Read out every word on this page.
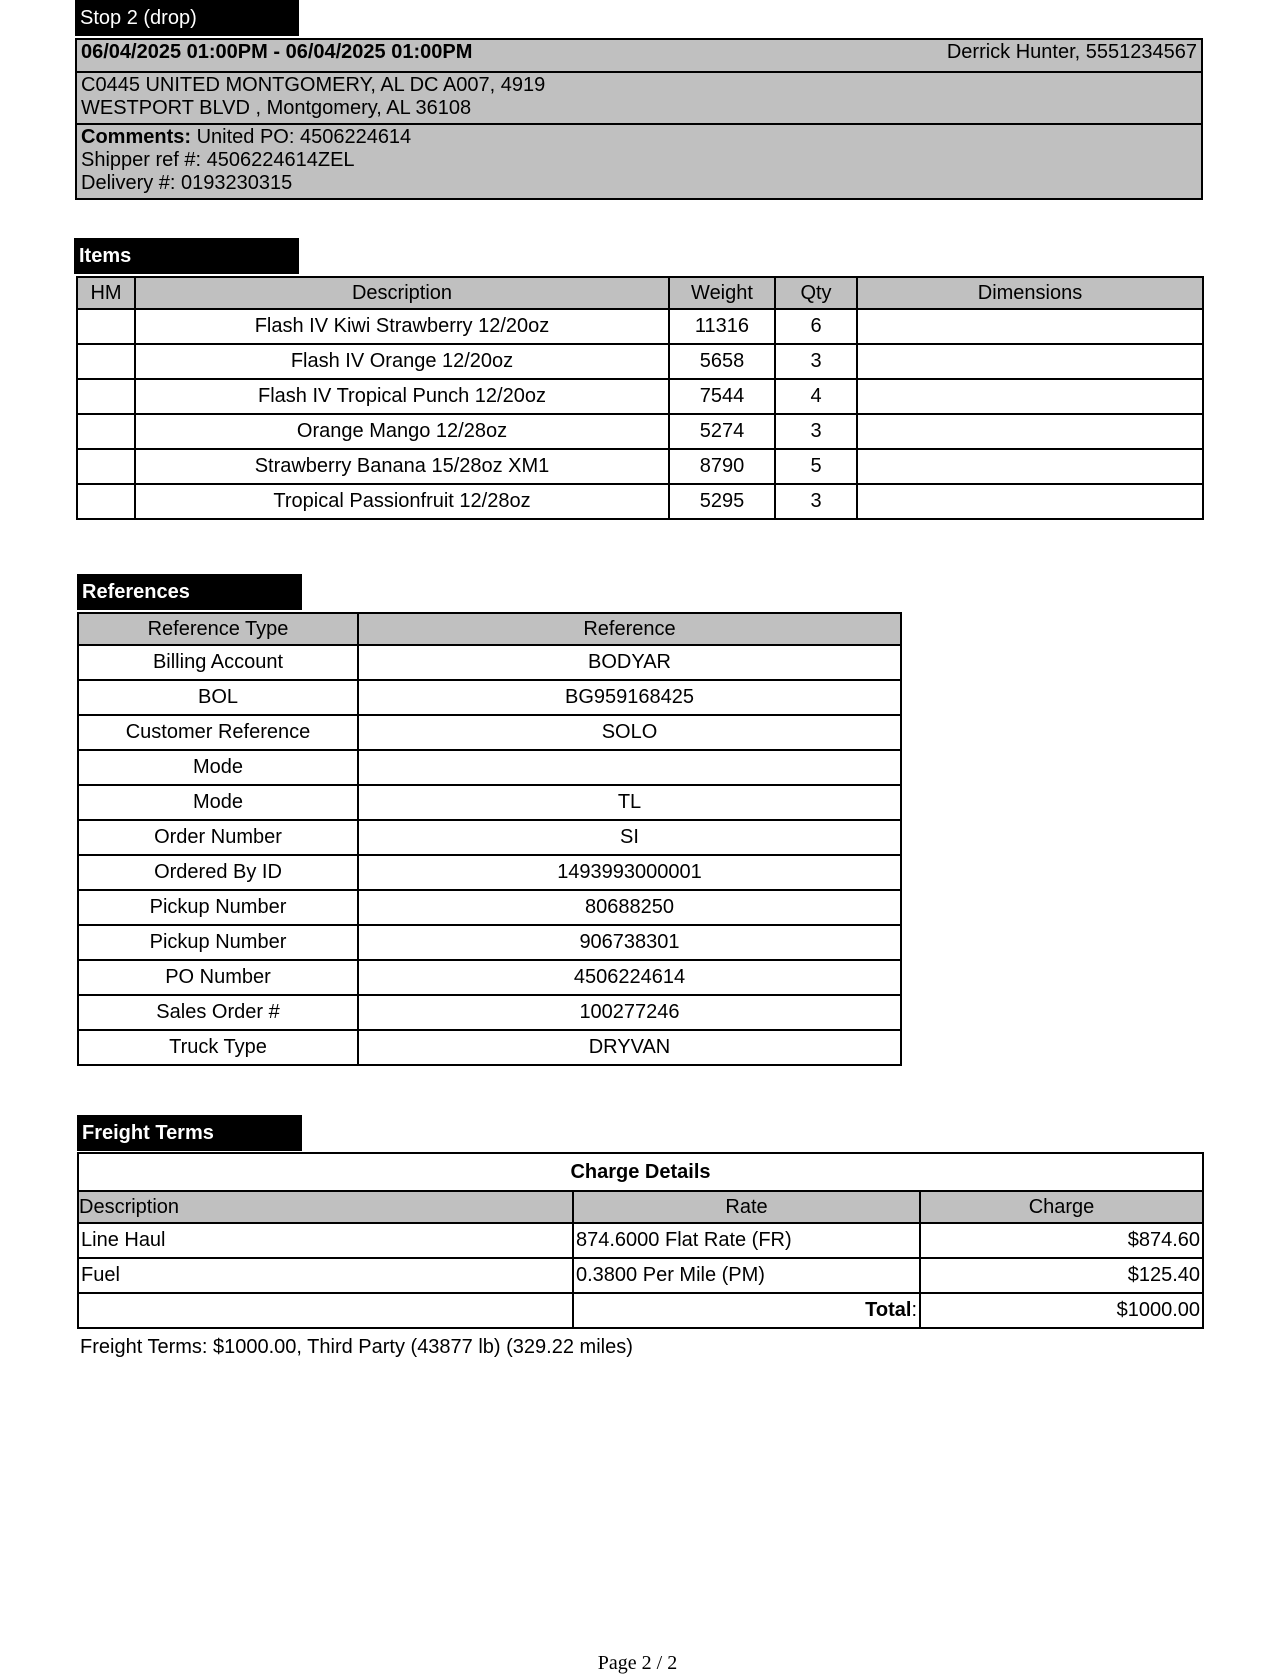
Stop 2 (drop)
06/04/2025 01:00PM - 06/04/2025 01:00PM	Derrick Hunter, 5551234567

C0445 UNITED MONTGOMERY, AL DC A007, 4919
WESTPORT BLVD , Montgomery, AL 36108

Comments: United PO: 4506224614
Shipper ref #: 4506224614ZEL
Delivery #: 0193230315
Items
HM	Description	Weight	Qty	Dimensions
	Flash IV Kiwi Strawberry 12/20oz	11316	6	
	Flash IV Orange 12/20oz	5658	3	
	Flash IV Tropical Punch 12/20oz	7544	4	
	Orange Mango 12/28oz	5274	3	
	Strawberry Banana 15/28oz XM1	8790	5	
	Tropical Passionfruit 12/28oz	5295	3	
References
Reference Type	Reference
Billing Account	BODYAR
BOL	BG959168425
Customer Reference	SOLO
Mode	
Mode	TL
Order Number	SI
Ordered By ID	1493993000001
Pickup Number	80688250
Pickup Number	906738301
PO Number	4506224614
Sales Order #	100277246
Truck Type	DRYVAN
Freight Terms
Charge Details		
Description	Rate	Charge
Line Haul	874.6000 Flat Rate (FR)	$874.60
Fuel	0.3800 Per Mile (PM)	$125.40
	Total:	$1000.00
Freight Terms: $1000.00, Third Party (43877 lb) (329.22 miles)
Page 2 / 2
